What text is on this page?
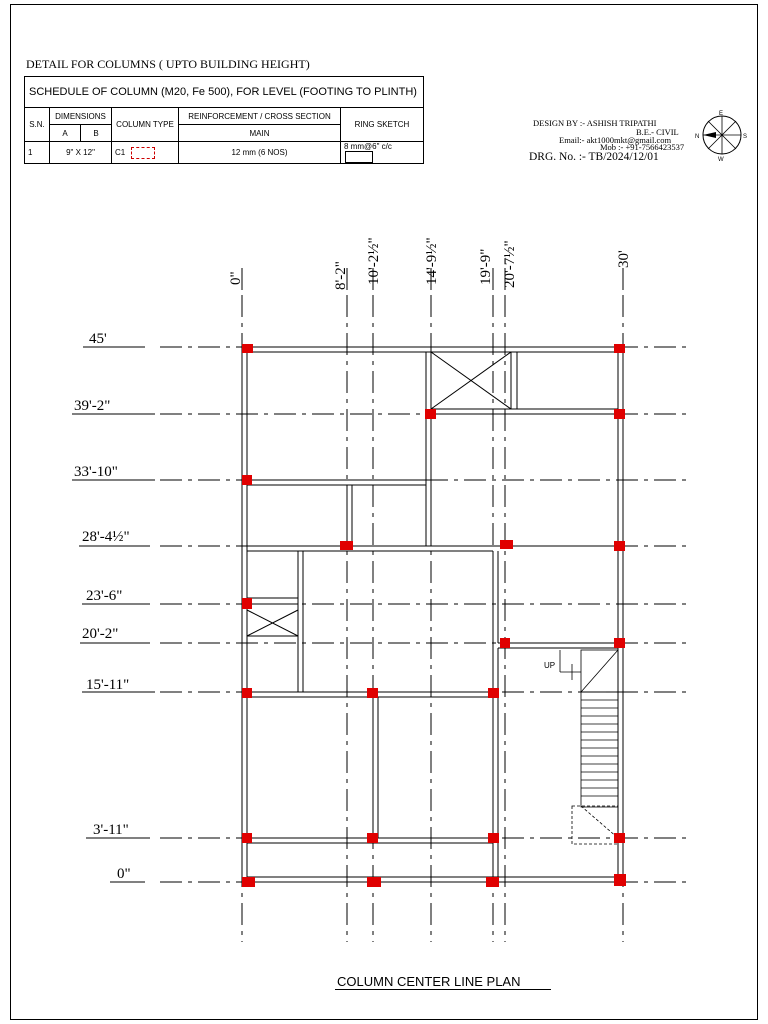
DETAIL FOR COLUMNS ( UPTO BUILDING HEIGHT)
SCHEDULE OF COLUMN (M20, Fe 500), FOR LEVEL (FOOTING TO PLINTH)					
S.N.	DIMENSIONS		COLUMN TYPE	REINFORCEMENT / CROSS SECTION	RING SKETCH
	A	B		MAIN	
1	9" X 12"		C1	12 mm (6 NOS)	8 mm@6" c/c
DESIGN BY :- ASHISH TRIPATHI
B.E.- CIVIL
Email:- akt1000mkt@gmail.com
Mob :- +91-7566423537
DRG. No. :- TB/2024/12/01
E
N	S
W
UP
0"	8'-2" 10'-2½"	14'-9½"	19'-9" 20'-7½"	30'
45'
39'-2"
33'-10"
28'-4½"
23'-6"
20'-2"
15'-11"
3'-11"
0"
COLUMN CENTER LINE PLAN
